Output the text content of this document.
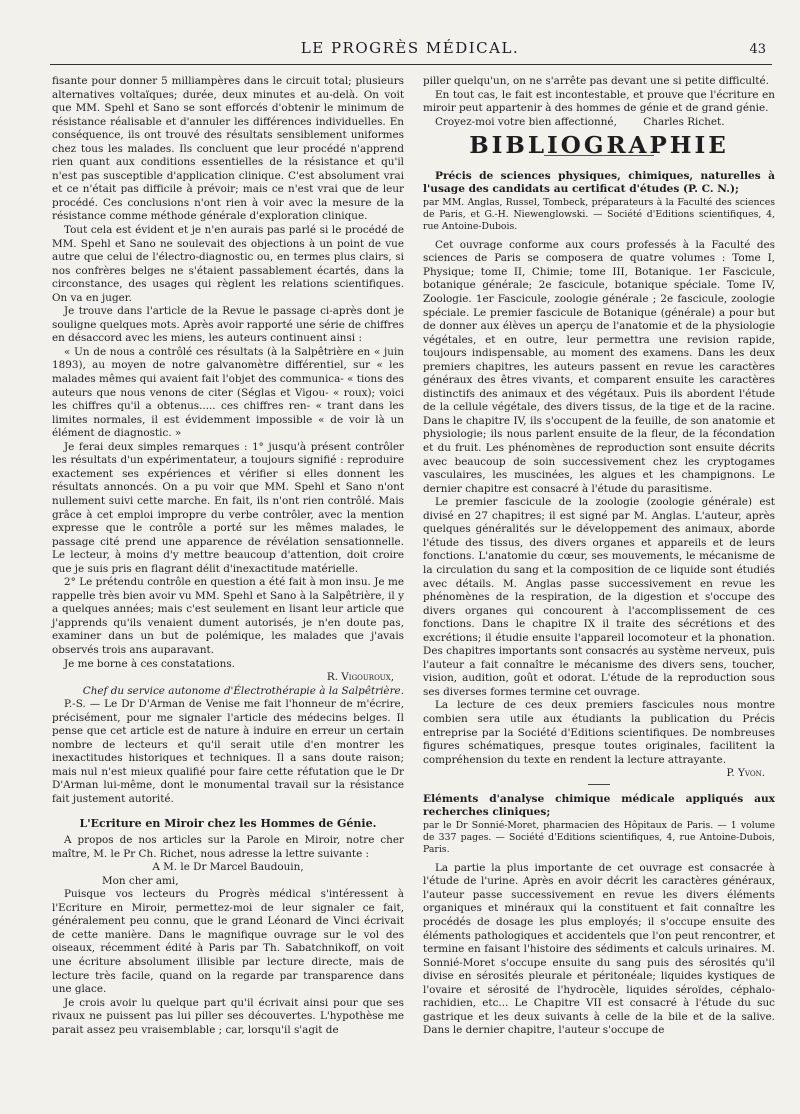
LE PROGRÈS MÉDICAL.	43

fisante pour donner 5 milliampères dans le circuit total; plusieurs alternatives voltaïques; durée, deux minutes et au-delà. On voit que MM. Spehl et Sano se sont efforcés d'obtenir le minimum de résistance réalisable et d'annuler les différences individuelles. En conséquence, ils ont trouvé des résultats sensiblement uniformes chez tous les malades. Ils concluent que leur procédé n'apprend rien quant aux conditions essentielles de la résistance et qu'il n'est pas susceptible d'application clinique. C'est absolument vrai et ce n'était pas difficile à prévoir; mais ce n'est vrai que de leur procédé. Ces conclusions n'ont rien à voir avec la mesure de la résistance comme méthode générale d'exploration clinique.

Tout cela est évident et je n'en aurais pas parlé si le procédé de MM. Spehl et Sano ne soulevait des objections à un point de vue autre que celui de l'électro-diagnostic ou, en termes plus clairs, si nos confrères belges ne s'étaient passablement écartés, dans la circonstance, des usages qui règlent les relations scientifiques. On va en juger.

Je trouve dans l'article de la Revue le passage ci-après dont je souligne quelques mots. Après avoir rapporté une série de chiffres en désaccord avec les miens, les auteurs continuent ainsi :

« Un de nous a contrôlé ces résultats (à la Salpêtrière en « juin 1893), au moyen de notre galvanomètre différentiel, sur « les malades mêmes qui avaient fait l'objet des communica- « tions des auteurs que nous venons de citer (Séglas et Vigou- « roux); voici les chiffres qu'il a obtenus..... ces chiffres ren- « trant dans les limites normales, il est évidemment impossible « de voir là un élément de diagnostic. »

Je ferai deux simples remarques : 1° jusqu'à présent contrôler les résultats d'un expérimentateur, a toujours signifié : reproduire exactement ses expériences et vérifier si elles donnent les résultats annoncés. On a pu voir que MM. Spehl et Sano n'ont nullement suivi cette marche. En fait, ils n'ont rien contrôlé. Mais grâce à cet emploi impropre du verbe contrôler, avec la mention expresse que le contrôle a porté sur les mêmes malades, le passage cité prend une apparence de révélation sensationnelle. Le lecteur, à moins d'y mettre beaucoup d'attention, doit croire que je suis pris en flagrant délit d'inexactitude matérielle.

2° Le prétendu contrôle en question a été fait à mon insu. Je me rappelle très bien avoir vu MM. Spehl et Sano à la Salpêtrière, il y a quelques années; mais c'est seulement en lisant leur article que j'apprends qu'ils venaient dument autorisés, je n'en doute pas, examiner dans un but de polémique, les malades que j'avais observés trois ans auparavant.

Je me borne à ces constatations.

R. Vigouroux,

Chef du service autonome d'Électrothérapie à la Salpêtrière.

P.-S. — Le Dr D'Arman de Venise me fait l'honneur de m'écrire, précisément, pour me signaler l'article des médecins belges. Il pense que cet article est de nature à induire en erreur un certain nombre de lecteurs et qu'il serait utile d'en montrer les inexactitudes historiques et techniques. Il a sans doute raison; mais nul n'est mieux qualifié pour faire cette réfutation que le Dr D'Arman lui-même, dont le monumental travail sur la résistance fait justement autorité.

L'Ecriture en Miroir chez les Hommes de Génie.

A propos de nos articles sur la Parole en Miroir, notre cher maître, M. le Pr Ch. Richet, nous adresse la lettre suivante :

A M. le Dr Marcel Baudouin,

Mon cher ami,

Puisque vos lecteurs du Progrès médical s'intéressent à l'Ecriture en Miroir, permettez-moi de leur signaler ce fait, généralement peu connu, que le grand Léonard de Vinci écrivait de cette manière. Dans le magnifique ouvrage sur le vol des oiseaux, récemment édité à Paris par Th. Sabatchnikoff, on voit une écriture absolument illisible par lecture directe, mais de lecture très facile, quand on la regarde par transparence dans une glace.

Je crois avoir lu quelque part qu'il écrivait ainsi pour que ses rivaux ne puissent pas lui piller ses découvertes. L'hypothèse me parait assez peu vraisemblable ; car, lorsqu'il s'agit de

piller quelqu'un, on ne s'arrête pas devant une si petite difficulté.

En tout cas, le fait est incontestable, et prouve que l'écriture en miroir peut appartenir à des hommes de génie et de grand génie.

Croyez-moi votre bien affectionné,        Charles Richet.

BIBLIOGRAPHIE

Précis de sciences physiques, chimiques, naturelles à l'usage des candidats au certificat d'études (P. C. N.);

par MM. Anglas, Russel, Tombeck, préparateurs à la Faculté des sciences de Paris, et G.-H. Niewenglowski. — Société d'Editions scientifiques, 4, rue Antoine-Dubois.

Cet ouvrage conforme aux cours professés à la Faculté des sciences de Paris se composera de quatre volumes : Tome I, Physique; tome II, Chimie; tome III, Botanique. 1er Fascicule, botanique générale; 2e fascicule, botanique spéciale. Tome IV, Zoologie. 1er Fascicule, zoologie générale ; 2e fascicule, zoologie spéciale. Le premier fascicule de Botanique (générale) a pour but de donner aux élèves un aperçu de l'anatomie et de la physiologie végétales, et en outre, leur permettra une revision rapide, toujours indispensable, au moment des examens. Dans les deux premiers chapitres, les auteurs passent en revue les caractères généraux des êtres vivants, et comparent ensuite les caractères distinctifs des animaux et des végétaux. Puis ils abordent l'étude de la cellule végétale, des divers tissus, de la tige et de la racine. Dans le chapitre IV, ils s'occupent de la feuille, de son anatomie et physiologie; ils nous parlent ensuite de la fleur, de la fécondation et du fruit. Les phénomènes de reproduction sont ensuite décrits avec beaucoup de soin successivement chez les cryptogames vasculaires, les muscinées, les algues et les champignons. Le dernier chapitre est consacré à l'étude du parasitisme.

Le premier fascicule de la zoologie (zoologie générale) est divisé en 27 chapitres; il est signé par M. Anglas. L'auteur, après quelques généralités sur le développement des animaux, aborde l'étude des tissus, des divers organes et appareils et de leurs fonctions. L'anatomie du cœur, ses mouvements, le mécanisme de la circulation du sang et la composition de ce liquide sont étudiés avec détails. M. Anglas passe successivement en revue les phénomènes de la respiration, de la digestion et s'occupe des divers organes qui concourent à l'accomplissement de ces fonctions. Dans le chapitre IX il traite des sécrétions et des excrétions; il étudie ensuite l'appareil locomoteur et la phonation. Des chapitres importants sont consacrés au système nerveux, puis l'auteur a fait connaître le mécanisme des divers sens, toucher, vision, audition, goût et odorat. L'étude de la reproduction sous ses diverses formes termine cet ouvrage.

La lecture de ces deux premiers fascicules nous montre combien sera utile aux étudiants la publication du Précis entreprise par la Société d'Editions scientifiques. De nombreuses figures schématiques, presque toutes originales, facilitent la compréhension du texte en rendent la lecture attrayante.

P. Yvon.

Eléments d'analyse chimique médicale appliqués aux recherches cliniques;

par le Dr Sonnié-Moret, pharmacien des Hôpitaux de Paris. — 1 volume de 337 pages. — Société d'Editions scientifiques, 4, rue Antoine-Dubois, Paris.

La partie la plus importante de cet ouvrage est consacrée à l'étude de l'urine. Après en avoir décrit les caractères généraux, l'auteur passe successivement en revue les divers éléments organiques et minéraux qui la constituent et fait connaître les procédés de dosage les plus employés; il s'occupe ensuite des éléments pathologiques et accidentels que l'on peut rencontrer, et termine en faisant l'histoire des sédiments et calculs urinaires. M. Sonnié-Moret s'occupe ensuite du sang puis des sérosités qu'il divise en sérosités pleurale et péritonéale; liquides kystiques de l'ovaire et sérosité de l'hydrocèle, liquides séroïdes, céphalo-rachidien, etc... Le Chapitre VII est consacré à l'étude du suc gastrique et les deux suivants à celle de la bile et de la salive. Dans le dernier chapitre, l'auteur s'occupe de
